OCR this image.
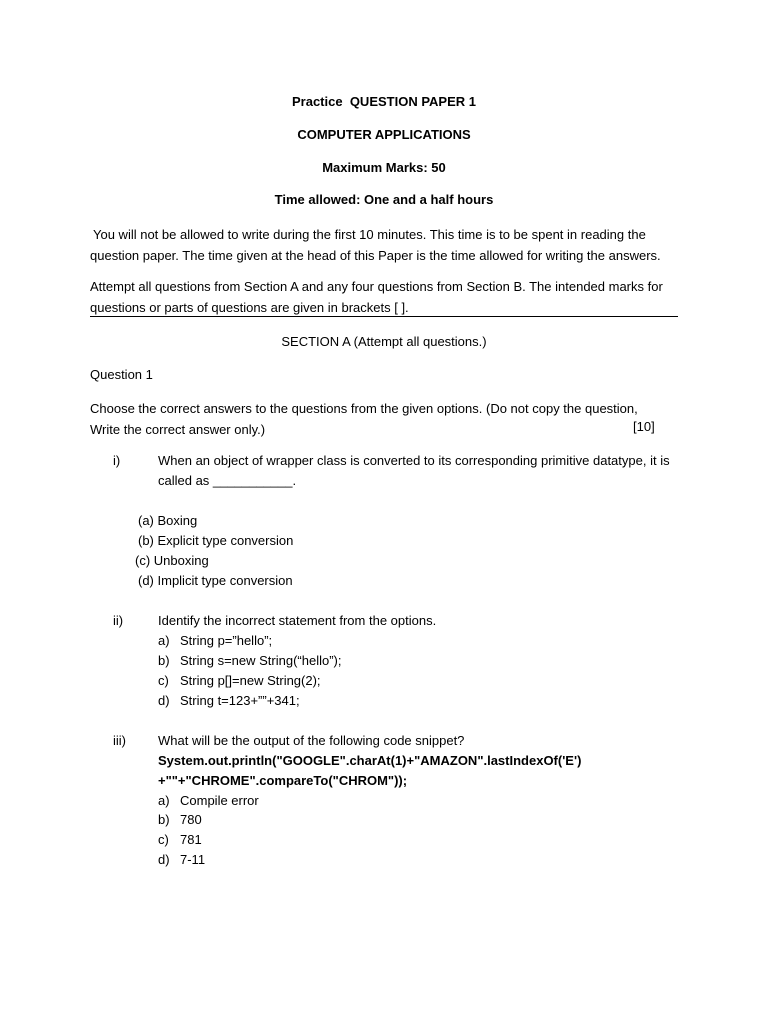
Practice QUESTION PAPER 1
COMPUTER APPLICATIONS
Maximum Marks: 50
Time allowed: One and a half hours
You will not be allowed to write during the first 10 minutes. This time is to be spent in reading the question paper. The time given at the head of this Paper is the time allowed for writing the answers.
Attempt all questions from Section A and any four questions from Section B. The intended marks for questions or parts of questions are given in brackets [ ].
SECTION A (Attempt all questions.)
Question 1
Choose the correct answers to the questions from the given options. (Do not copy the question, Write the correct answer only.)	[10]
i)	When an object of wrapper class is converted to its corresponding primitive datatype, it is
called as ___________.
(a) Boxing
(b) Explicit type conversion
(c) Unboxing
(d) Implicit type conversion
ii)	Identify the incorrect statement from the options.
a) String p=”hello”;
b) String s=new String(“hello”);
c) String p[]=new String(2);
d) String t=123+””+341;
iii) What will be the output of the following code snippet?
System.out.println("GOOGLE".charAt(1)+"AMAZON".lastIndexOf('E')
+""+"CHROME".compareTo("CHROM"));
a) Compile error
b) 780
c) 781
d) 7-11
